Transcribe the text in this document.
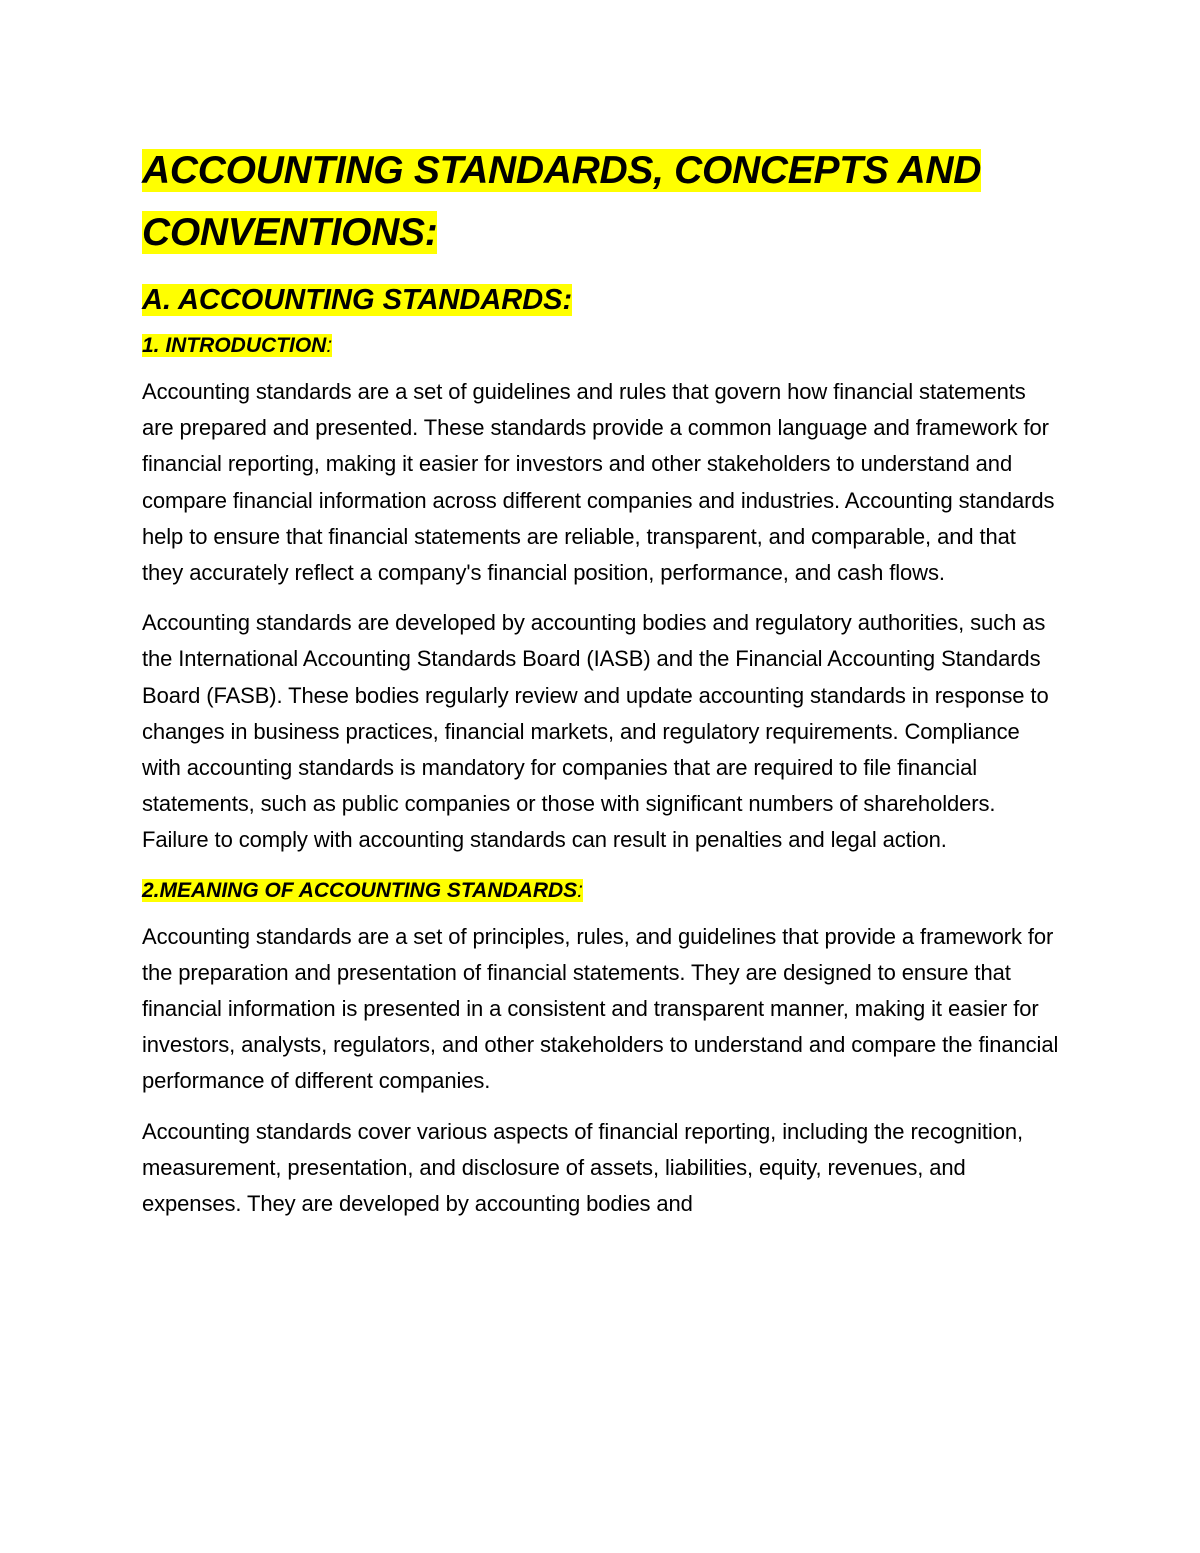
ACCOUNTING STANDARDS, CONCEPTS AND CONVENTIONS:
A. ACCOUNTING STANDARDS:
1. INTRODUCTION:

Accounting standards are a set of guidelines and rules that govern how financial statements are prepared and presented. These standards provide a common language and framework for financial reporting, making it easier for investors and other stakeholders to understand and compare financial information across different companies and industries. Accounting standards help to ensure that financial statements are reliable, transparent, and comparable, and that they accurately reflect a company's financial position, performance, and cash flows.

Accounting standards are developed by accounting bodies and regulatory authorities, such as the International Accounting Standards Board (IASB) and the Financial Accounting Standards Board (FASB). These bodies regularly review and update accounting standards in response to changes in business practices, financial markets, and regulatory requirements. Compliance with accounting standards is mandatory for companies that are required to file financial statements, such as public companies or those with significant numbers of shareholders. Failure to comply with accounting standards can result in penalties and legal action.

2.MEANING OF ACCOUNTING STANDARDS:

Accounting standards are a set of principles, rules, and guidelines that provide a framework for the preparation and presentation of financial statements. They are designed to ensure that financial information is presented in a consistent and transparent manner, making it easier for investors, analysts, regulators, and other stakeholders to understand and compare the financial performance of different companies.

Accounting standards cover various aspects of financial reporting, including the recognition, measurement, presentation, and disclosure of assets, liabilities, equity, revenues, and expenses. They are developed by accounting bodies and
